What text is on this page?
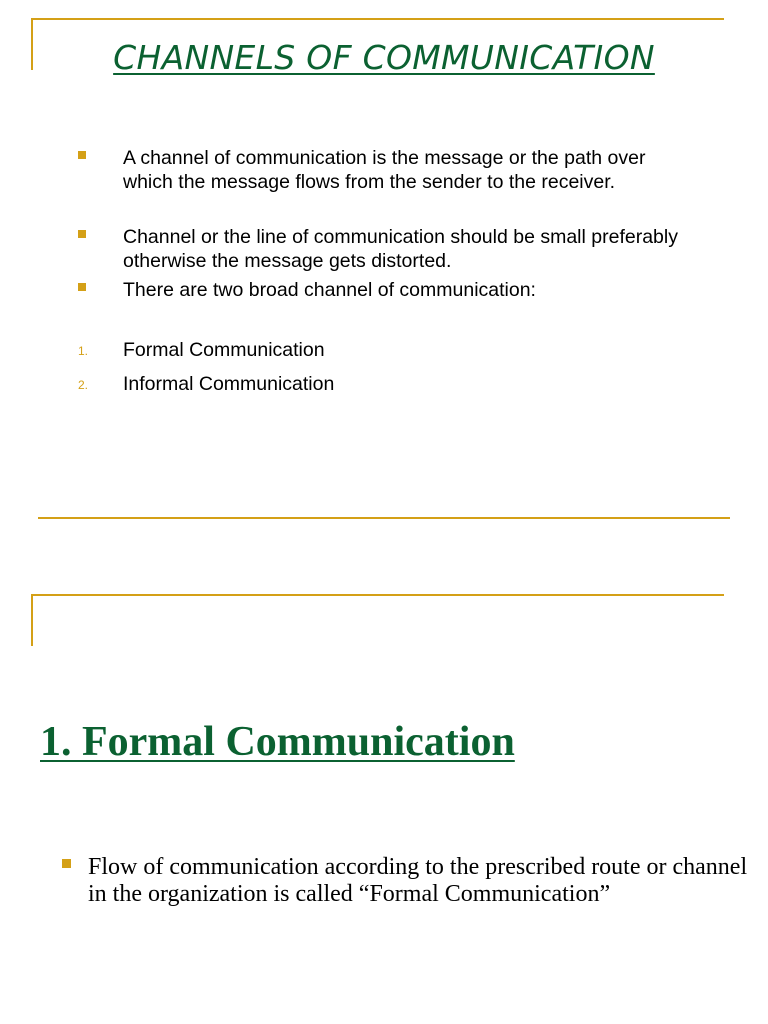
CHANNELS OF COMMUNICATION
A channel of communication is the message or the path over which the message flows from the sender to the receiver.
Channel or the line of communication should be small preferably otherwise the message gets distorted.
There are two broad channel of communication:
1. Formal Communication
2. Informal Communication
1. Formal Communication
Flow of communication according to the prescribed route or channel in the organization is called “Formal Communication”
